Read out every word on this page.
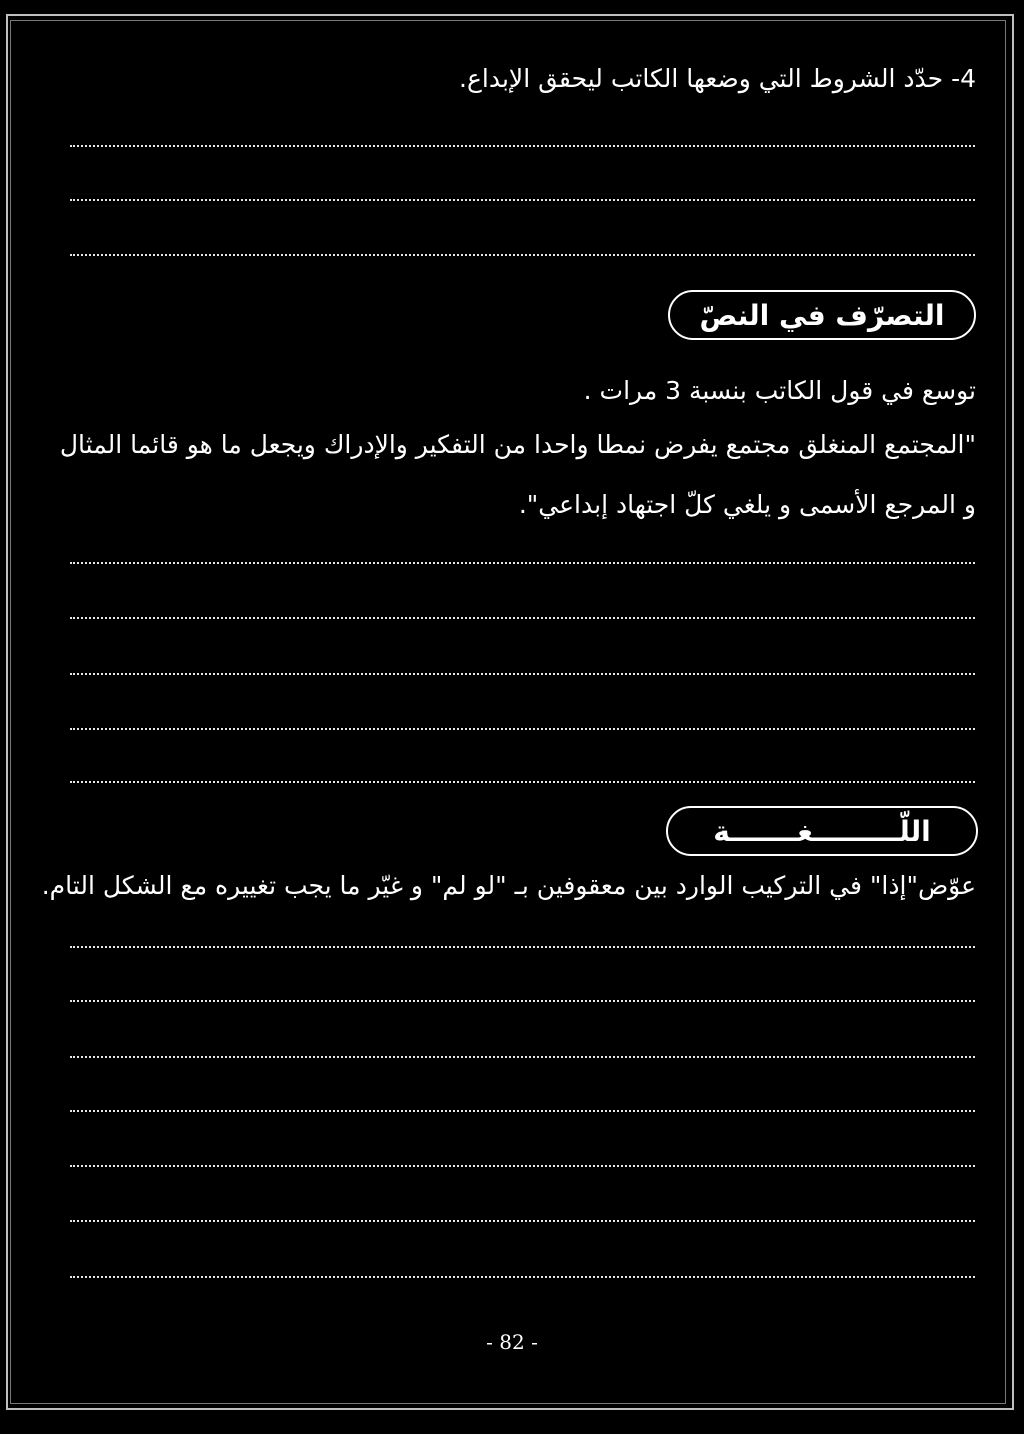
4- حدّد الشروط التي وضعها الكاتب ليحقق الإبداع.
التصرّف في النصّ
توسع في قول الكاتب بنسبة 3 مرات .
"المجتمع المنغلق مجتمع يفرض نمطا واحدا من التفكير والإدراك ويجعل ما هو قائما المثال
و المرجع الأسمى و يلغي كلّ اجتهاد إبداعي".
اللّـــــــــغـــــــة
عوّض"إذا" في التركيب الوارد بين معقوفين بـ "لو لم" و غيّر ما يجب تغييره مع الشكل التام.
- 82 -
